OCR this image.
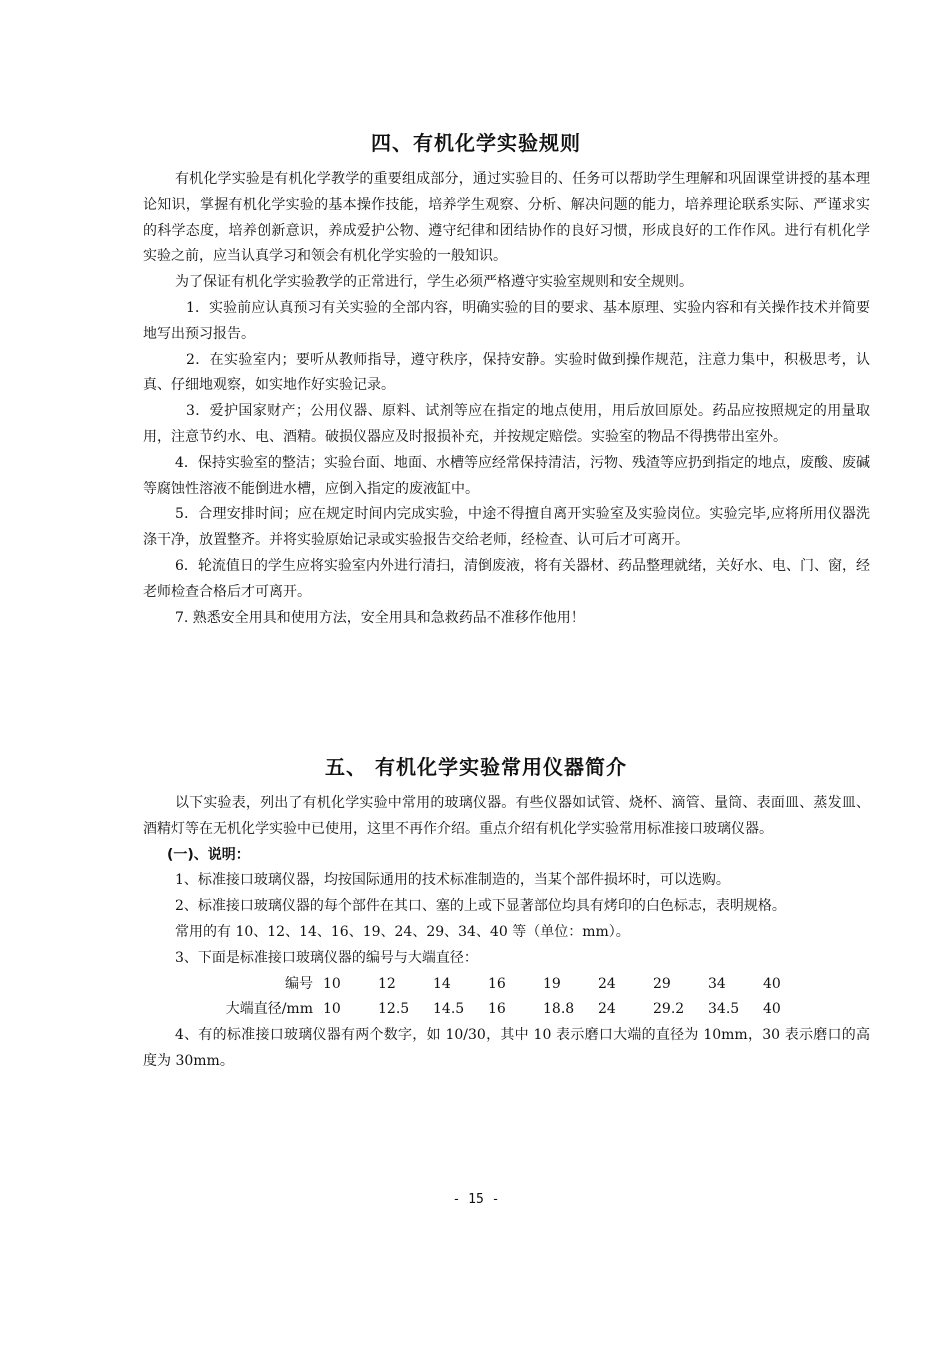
四、有机化学实验规则

有机化学实验是有机化学教学的重要组成部分，通过实验目的、任务可以帮助学生理解和巩固课堂讲授的基本理论知识，掌握有机化学实验的基本操作技能，培养学生观察、分析、解决问题的能力，培养理论联系实际、严谨求实的科学态度，培养创新意识，养成爱护公物、遵守纪律和团结协作的良好习惯，形成良好的工作作风。进行有机化学实验之前，应当认真学习和领会有机化学实验的一般知识。

为了保证有机化学实验教学的正常进行，学生必须严格遵守实验室规则和安全规则。

1．实验前应认真预习有关实验的全部内容，明确实验的目的要求、基本原理、实验内容和有关操作技术并简要地写出预习报告。

2．在实验室内；要听从教师指导，遵守秩序，保持安静。实验时做到操作规范，注意力集中，积极思考，认真、仔细地观察，如实地作好实验记录。

3．爱护国家财产；公用仪器、原料、试剂等应在指定的地点使用，用后放回原处。药品应按照规定的用量取用，注意节约水、电、酒精。破损仪器应及时报损补充，并按规定赔偿。实验室的物品不得携带出室外。

4．保持实验室的整洁；实验台面、地面、水槽等应经常保持清洁，污物、残渣等应扔到指定的地点，废酸、废碱等腐蚀性溶液不能倒进水槽，应倒入指定的废液缸中。

5．合理安排时间；应在规定时间内完成实验，中途不得擅自离开实验室及实验岗位。实验完毕,应将所用仪器洗涤干净，放置整齐。并将实验原始记录或实验报告交给老师，经检查、认可后才可离开。

6．轮流值日的学生应将实验室内外进行清扫，清倒废液，将有关器材、药品整理就绪，关好水、电、门、窗，经老师检查合格后才可离开。

7. 熟悉安全用具和使用方法，安全用具和急救药品不准移作他用！

五、 有机化学实验常用仪器简介

以下实验表，列出了有机化学实验中常用的玻璃仪器。有些仪器如试管、烧杯、滴管、量筒、表面皿、蒸发皿、酒精灯等在无机化学实验中已使用，这里不再作介绍。重点介绍有机化学实验常用标准接口玻璃仪器。

(一)、说明：

1、标准接口玻璃仪器，均按国际通用的技术标准制造的，当某个部件损坏时，可以选购。

2、标准接口玻璃仪器的每个部件在其口、塞的上或下显著部位均具有烤印的白色标志，表明规格。

常用的有 10、12、14、16、19、24、29、34、40 等（单位：mm）。

3、下面是标准接口玻璃仪器的编号与大端直径：

编号	10	12	14	16	19	24	29	34	40
大端直径/mm	10	12.5	14.5	16	18.8	24	29.2	34.5	40

4、有的标准接口玻璃仪器有两个数字，如 10/30，其中 10 表示磨口大端的直径为 10mm，30 表示磨口的高度为 30mm。

- 15 -
